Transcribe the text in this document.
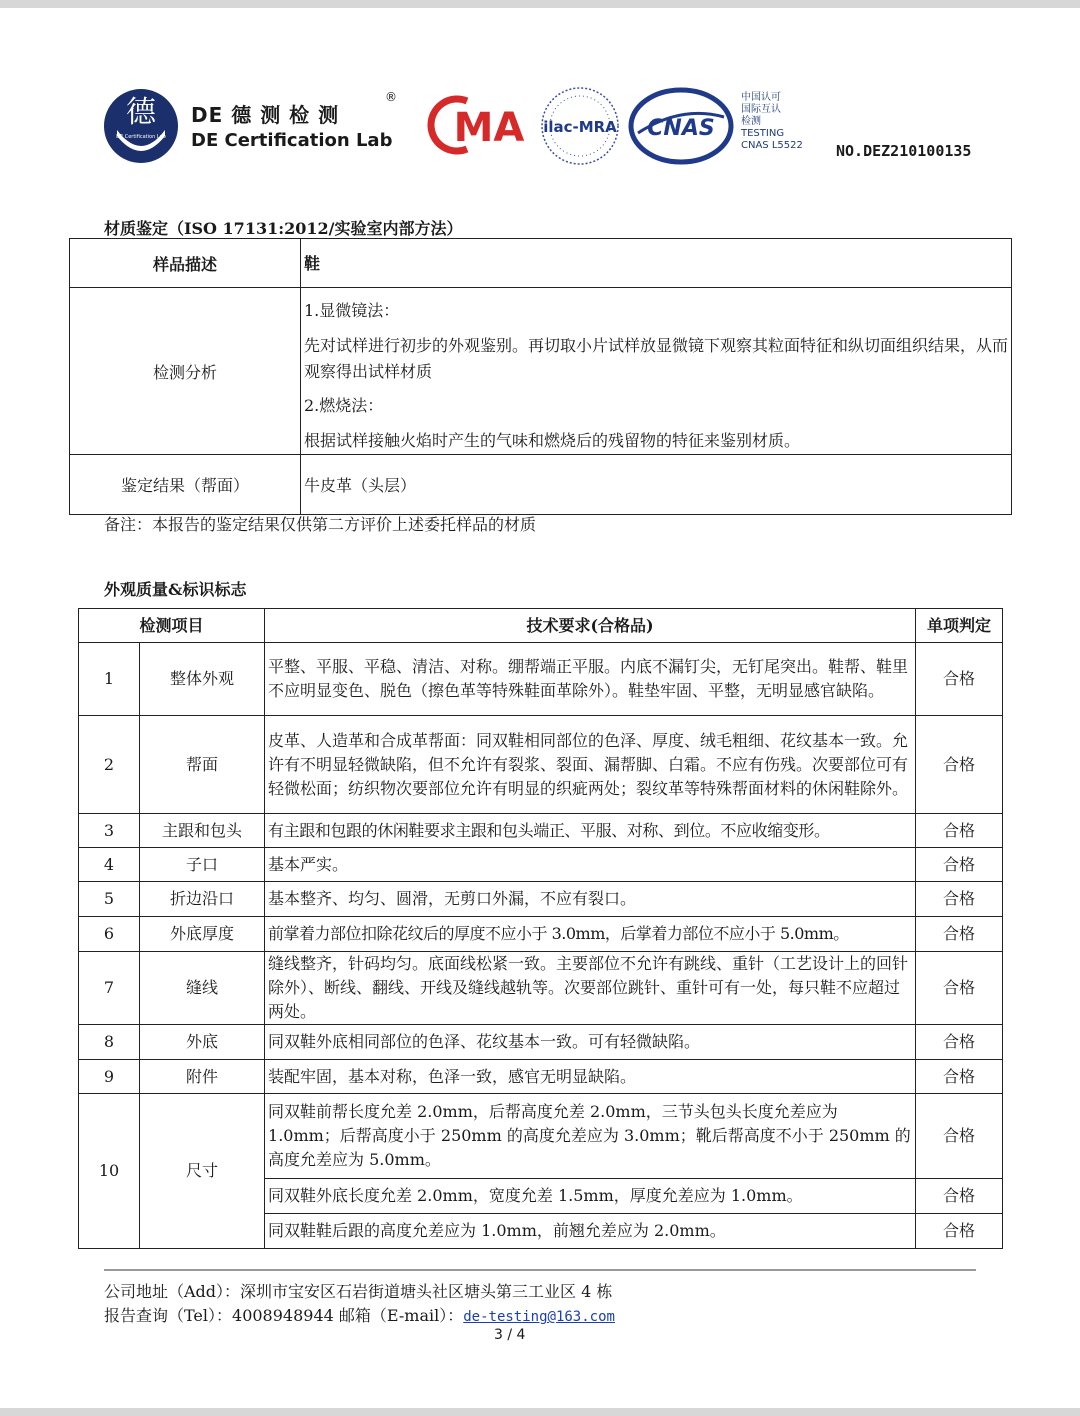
德
DE Certification Lab
DE 德 测 检 测
DE Certification Lab
®
MA ilac-MRA CNAS
中国认可
国际互认
检测
TESTING
CNAS L5522 NO.DEZ210100135
材质鉴定（ISO 17131:2012/实验室内部方法）
样品描述	鞋
检测分析	1.显微镜法：
先对试样进行初步的外观鉴别。再切取小片试样放显微镜下观察其粒面特征和纵切面组织结果，从而观察得出试样材质
2.燃烧法：
根据试样接触火焰时产生的气味和燃烧后的残留物的特征来鉴别材质。

鉴定结果（帮面）	牛皮革（头层）
备注：本报告的鉴定结果仅供第二方评价上述委托样品的材质
外观质量&标识标志
检测项目		技术要求(合格品)	单项判定
1	整体外观	平整、平服、平稳、清洁、对称。绷帮端正平服。内底不漏钉尖，无钉尾突出。鞋帮、鞋里不应明显变色、脱色（擦色革等特殊鞋面革除外）。鞋垫牢固、平整，无明显感官缺陷。	合格
2	帮面	皮革、人造革和合成革帮面：同双鞋相同部位的色泽、厚度、绒毛粗细、花纹基本一致。允许有不明显轻微缺陷，但不允许有裂浆、裂面、漏帮脚、白霜。不应有伤残。次要部位可有轻微松面；纺织物次要部位允许有明显的织疵两处；裂纹革等特殊帮面材料的休闲鞋除外。	合格
3	主跟和包头	有主跟和包跟的休闲鞋要求主跟和包头端正、平服、对称、到位。不应收缩变形。	合格
4	子口	基本严实。	合格
5	折边沿口	基本整齐、均匀、圆滑，无剪口外漏，不应有裂口。	合格
6	外底厚度	前掌着力部位扣除花纹后的厚度不应小于 3.0mm，后掌着力部位不应小于 5.0mm。	合格
7	缝线	缝线整齐，针码均匀。底面线松紧一致。主要部位不允许有跳线、重针（工艺设计上的回针除外）、断线、翻线、开线及缝线越轨等。次要部位跳针、重针可有一处，每只鞋不应超过两处。	合格
8	外底	同双鞋外底相同部位的色泽、花纹基本一致。可有轻微缺陷。	合格
9	附件	装配牢固，基本对称，色泽一致，感官无明显缺陷。	合格
10	尺寸	同双鞋前帮长度允差 2.0mm，后帮高度允差 2.0mm，三节头包头长度允差应为 1.0mm；后帮高度小于 250mm 的高度允差应为 3.0mm；靴后帮高度不小于 250mm 的高度允差应为 5.0mm。	合格
		同双鞋外底长度允差 2.0mm，宽度允差 1.5mm，厚度允差应为 1.0mm。	合格
		同双鞋鞋后跟的高度允差应为 1.0mm，前翘允差应为 2.0mm。	合格
公司地址（Add）：深圳市宝安区石岩街道塘头社区塘头第三工业区 4 栋
报告查询（Tel）：4008948944 邮箱（E-mail）：de-testing@163.com
3 / 4
